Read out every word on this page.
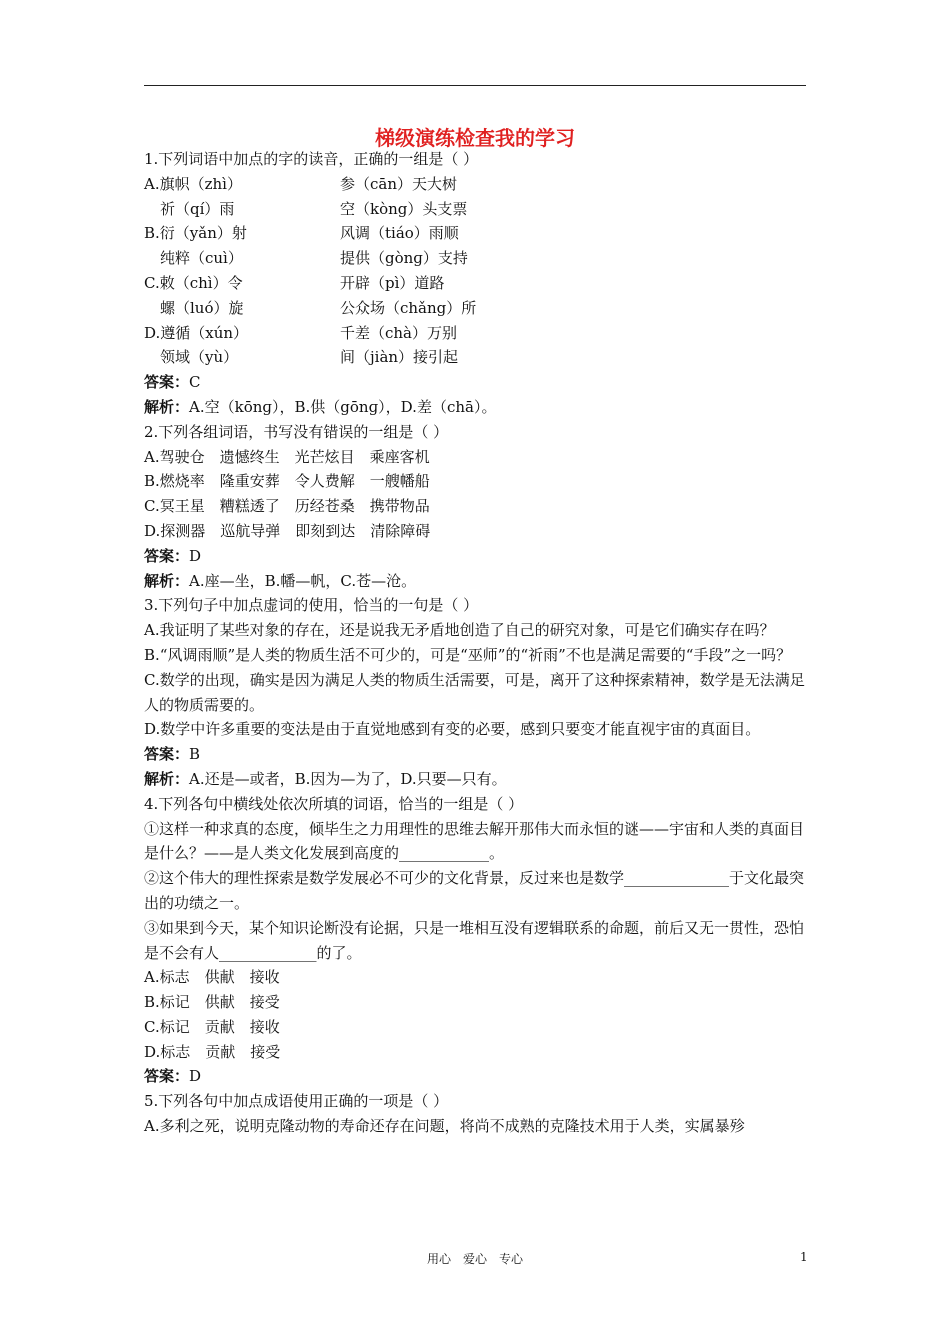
梯级演练检查我的学习
1.下列词语中加点的字的读音，正确的一组是（ ）
A.旗帜（zhì）	参（cān）天大树
祈（qí）雨	空（kòng）头支票
B.衍（yǎn）射	风调（tiáo）雨顺
纯粹（cuì）	提供（gònɡ）支持
C.敕（chì）令	开辟（pì）道路
螺（luó）旋	公众场（chǎng）所
D.遵循（xún）	千差（chà）万别
领域（yù）	间（jiàn）接引起
答案：C
解析：A.空（kōnɡ），B.供（gōnɡ），D.差（chā）。
2.下列各组词语，书写没有错误的一组是（ ）
A.驾驶仓　遗憾终生　光芒炫目　乘座客机
B.燃烧率　隆重安葬　令人费解　一艘幡船
C.冥王星　糟糕透了　历经苍桑　携带物品
D.探测器　巡航导弹　即刻到达　清除障碍
答案：D
解析：A.座—坐，B.幡—帆，C.苍—沧。
3.下列句子中加点虚词的使用，恰当的一句是（ ）
A.我证明了某些对象的存在，还是说我无矛盾地创造了自己的研究对象，可是它们确实存在吗？
B.“风调雨顺”是人类的物质生活不可少的，可是“巫师”的“祈雨”不也是满足需要的“手段”之一吗？
C.数学的出现，确实是因为满足人类的物质生活需要，可是，离开了这种探索精神，数学是无法满足人的物质需要的。
D.数学中许多重要的变法是由于直觉地感到有变的必要，感到只要变才能直视宇宙的真面目。
答案：B
解析：A.还是—或者，B.因为—为了，D.只要—只有。
4.下列各句中横线处依次所填的词语，恰当的一组是（ ）
①这样一种求真的态度，倾毕生之力用理性的思维去解开那伟大而永恒的谜——宇宙和人类的真面目是什么？——是人类文化发展到高度的____________。
②这个伟大的理性探索是数学发展必不可少的文化背景，反过来也是数学______________于文化最突出的功绩之一。
③如果到今天，某个知识论断没有论据，只是一堆相互没有逻辑联系的命题，前后又无一贯性，恐怕是不会有人_____________的了。
A.标志　供献　接收
B.标记　供献　接受
C.标记　贡献　接收
D.标志　贡献　接受
答案：D
5.下列各句中加点成语使用正确的一项是（ ）
A.多利之死，说明克隆动物的寿命还存在问题，将尚不成熟的克隆技术用于人类，实属暴殄
用心　爱心　专心	1
